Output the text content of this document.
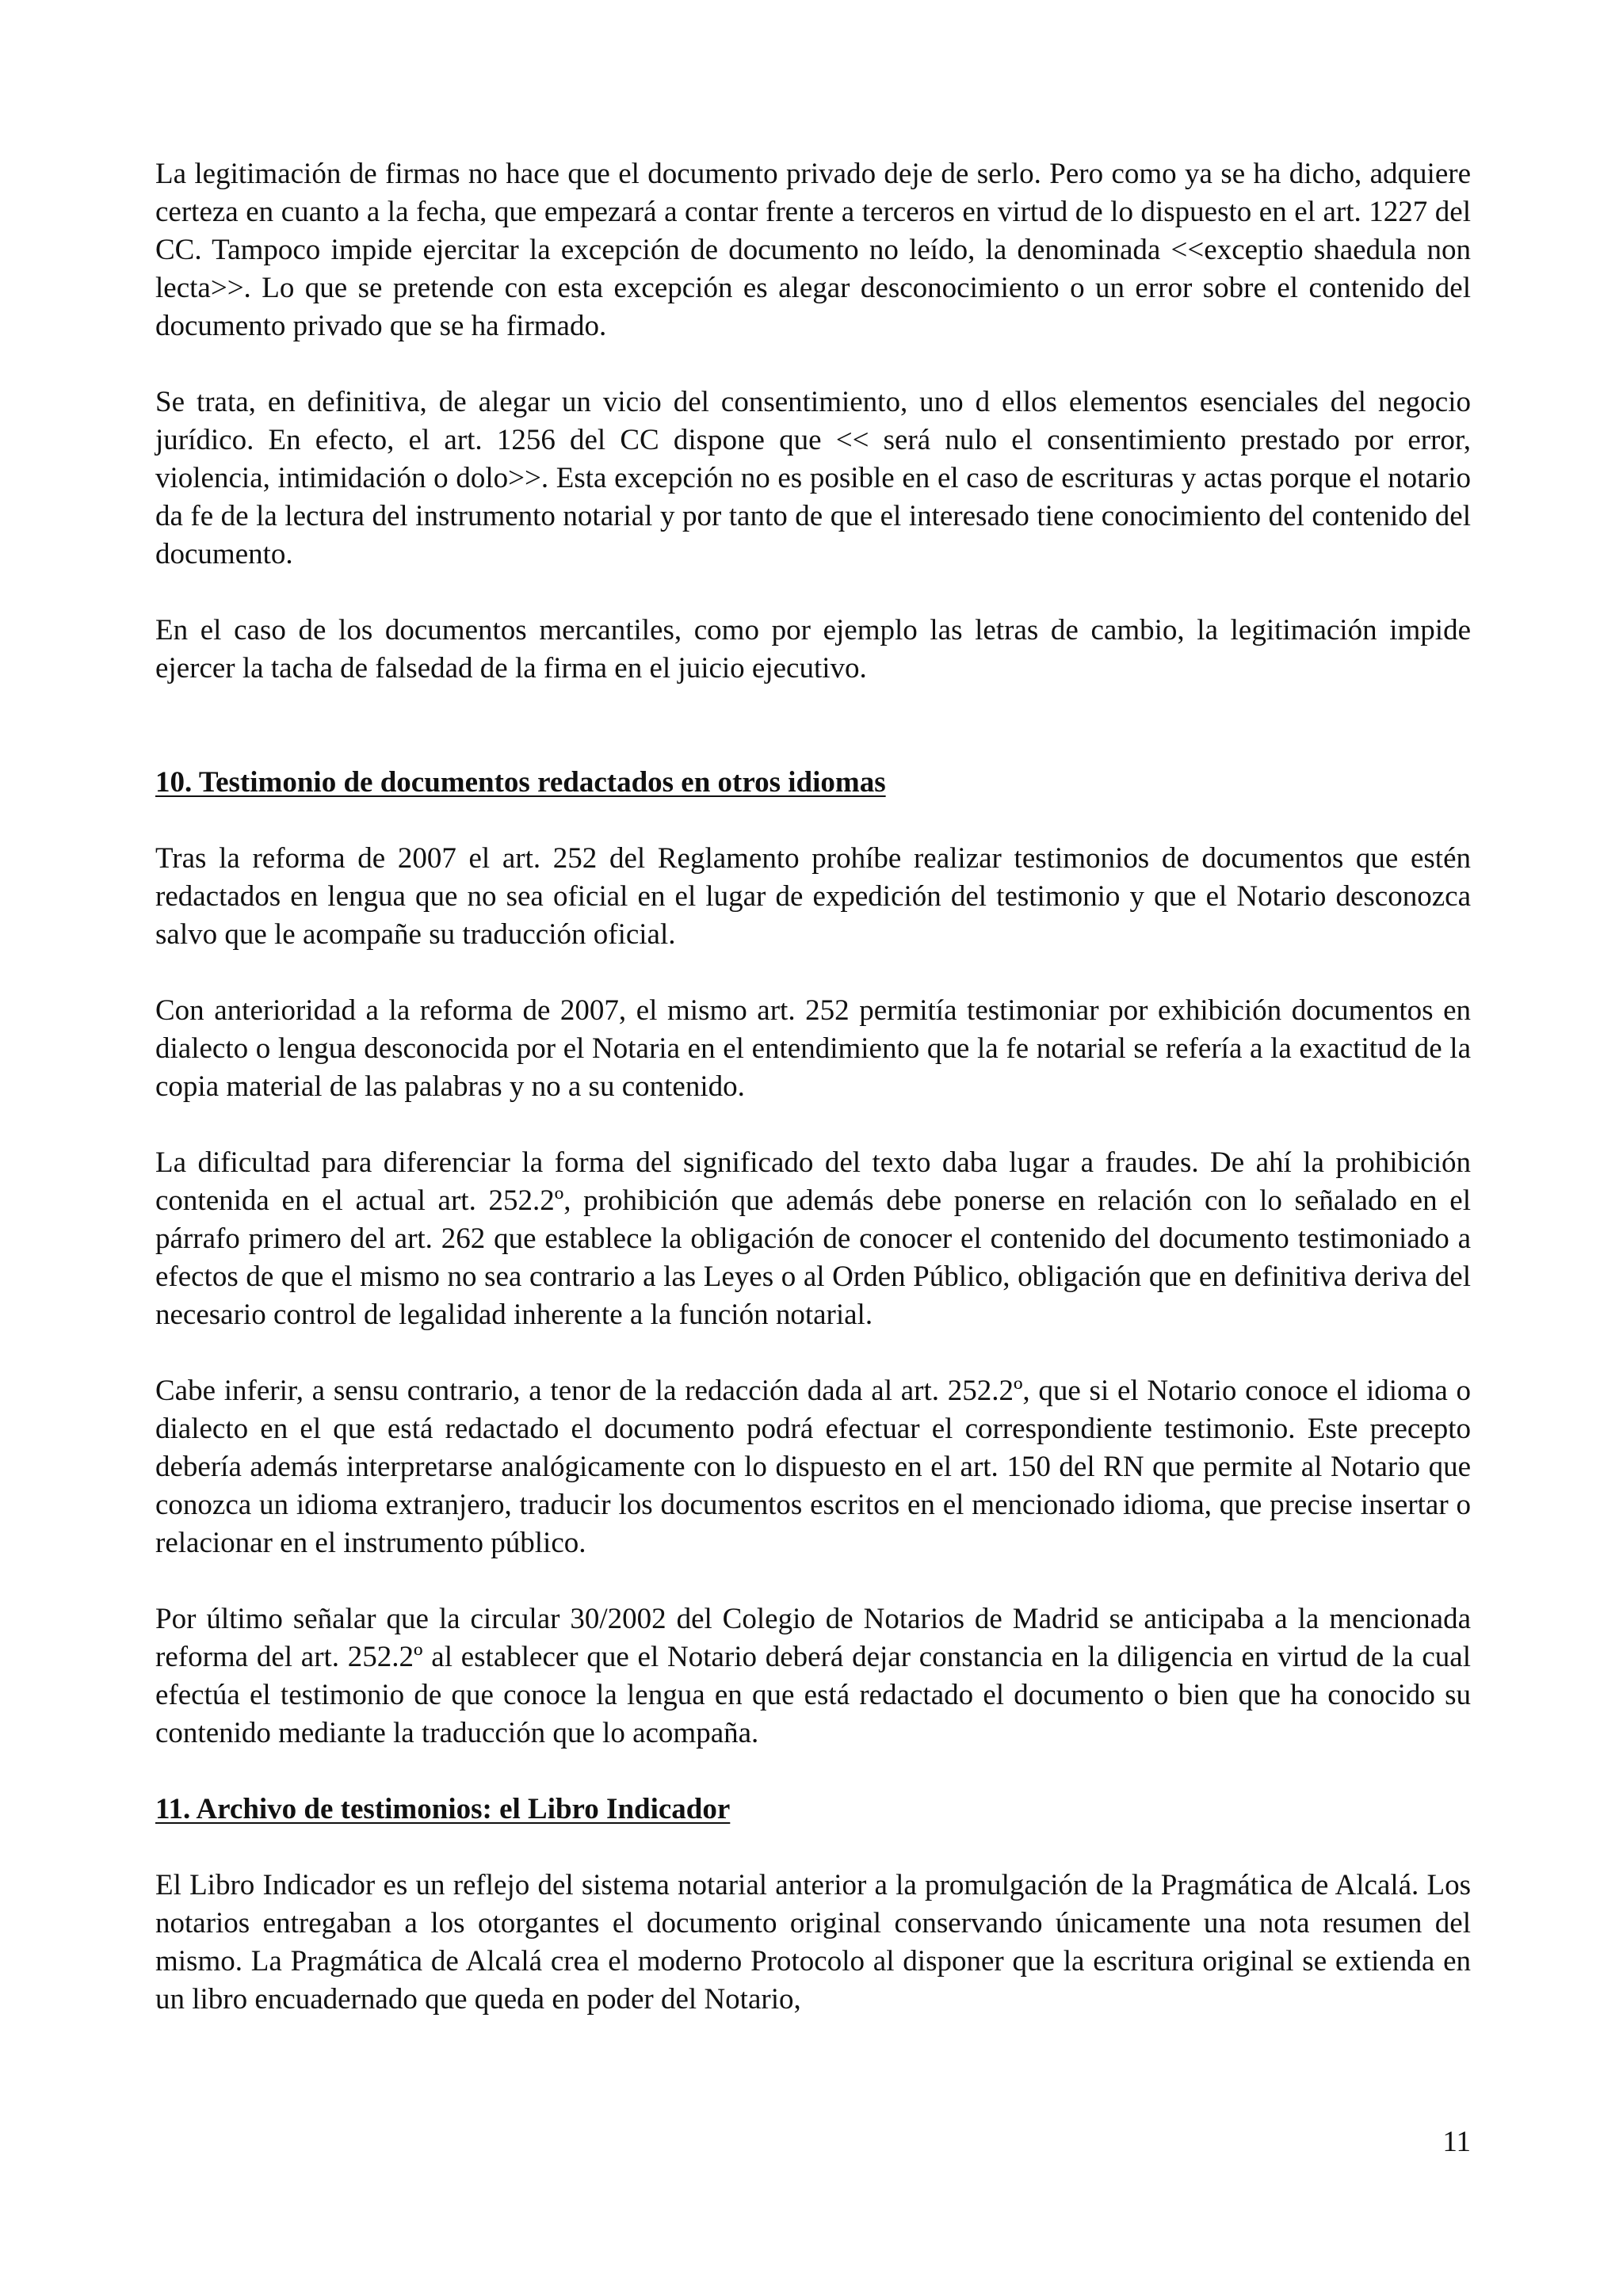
La legitimación de firmas no hace que el documento privado deje de serlo. Pero como ya se ha dicho, adquiere certeza en cuanto a la fecha, que empezará a contar frente a terceros en virtud de lo dispuesto en el art. 1227 del CC. Tampoco impide ejercitar la excepción de documento no leído, la denominada <<exceptio shaedula non lecta>>. Lo que se pretende con esta excepción es alegar desconocimiento o un error sobre el contenido del documento privado que se ha firmado.

Se trata, en definitiva, de alegar un vicio del consentimiento, uno d ellos elementos esenciales del negocio jurídico. En efecto, el art. 1256 del CC dispone que << será nulo el consentimiento prestado por error, violencia, intimidación o dolo>>. Esta excepción no es posible en el caso de escrituras y actas porque el notario da fe de la lectura del instrumento notarial y por tanto de que el interesado tiene conocimiento del contenido del documento.

En el caso de los documentos mercantiles, como por ejemplo las letras de cambio, la legitimación impide ejercer la tacha de falsedad de la firma en el juicio ejecutivo.

10. Testimonio de documentos redactados en otros idiomas

Tras la reforma de 2007 el art. 252 del Reglamento prohíbe realizar testimonios de documentos que estén redactados en lengua que no sea oficial en el lugar de expedición del testimonio y que el Notario desconozca salvo que le acompañe su traducción oficial.

Con anterioridad a la reforma de 2007, el mismo art. 252 permitía testimoniar por exhibición documentos en dialecto o lengua desconocida por el Notaria en el entendimiento que la fe notarial se refería a la exactitud de la copia material de las palabras y no a su contenido.

La dificultad para diferenciar la forma del significado del texto daba lugar a fraudes. De ahí la prohibición contenida en el actual art. 252.2º, prohibición que además debe ponerse en relación con lo señalado en el párrafo primero del art. 262 que establece la obligación de conocer el contenido del documento testimoniado a efectos de que el mismo no sea contrario a las Leyes o al Orden Público, obligación que en definitiva deriva del necesario control de legalidad inherente a la función notarial.

Cabe inferir, a sensu contrario, a tenor de la redacción dada al art. 252.2º, que si el Notario conoce el idioma o dialecto en el que está redactado el documento podrá efectuar el correspondiente testimonio. Este precepto debería además interpretarse analógicamente con lo dispuesto en el art. 150 del RN que permite al Notario que conozca un idioma extranjero, traducir los documentos escritos en el mencionado idioma, que precise insertar o relacionar en el instrumento público.

Por último señalar que la circular 30/2002 del Colegio de Notarios de Madrid se anticipaba a la mencionada reforma del art. 252.2º al establecer que el Notario deberá dejar constancia en la diligencia en virtud de la cual efectúa el testimonio de que conoce la lengua en que está redactado el documento o bien que ha conocido su contenido mediante la traducción que lo acompaña.

11. Archivo de testimonios: el Libro Indicador

El Libro Indicador es un reflejo del sistema notarial anterior a la promulgación de la Pragmática de Alcalá. Los notarios entregaban a los otorgantes el documento original conservando únicamente una nota resumen del mismo. La Pragmática de Alcalá crea el moderno Protocolo al disponer que la escritura original se extienda en un libro encuadernado que queda en poder del Notario,

11
